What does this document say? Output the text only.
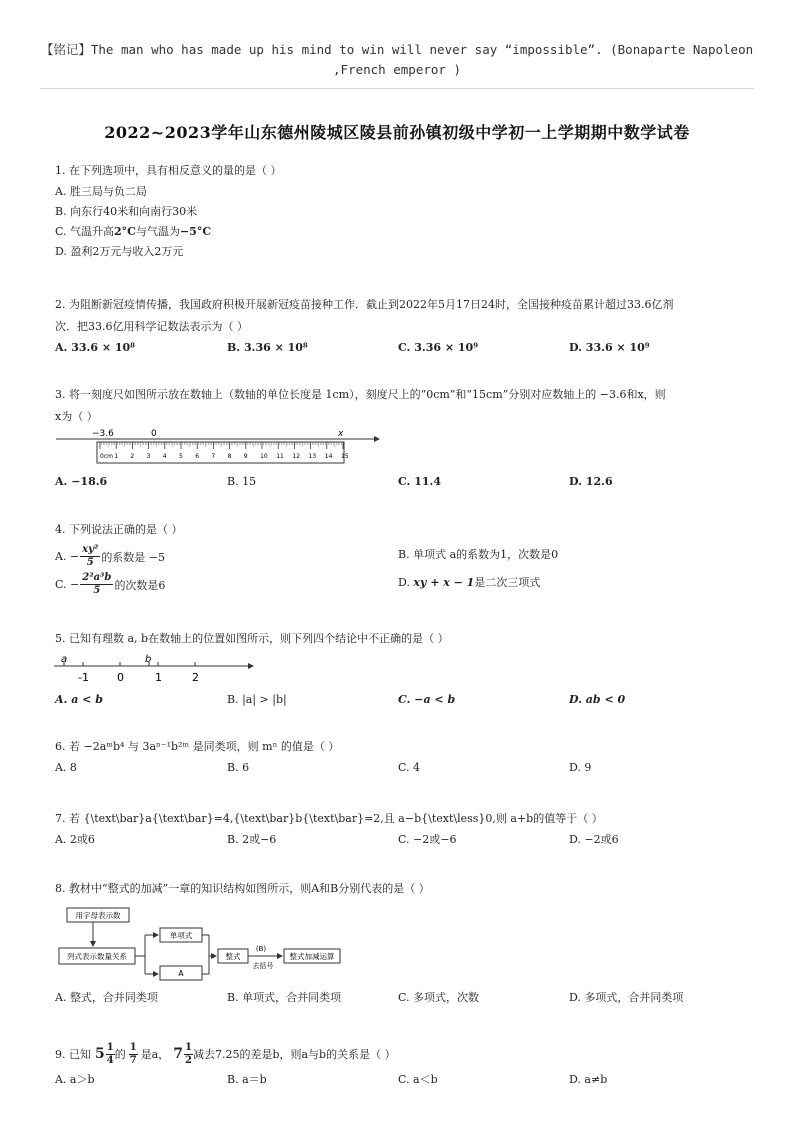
【铭记】The man who has made up his mind to win will never say “impossible”. (Bonaparte Napoleon
,French emperor )
2022~2023学年山东德州陵城区陵县前孙镇初级中学初一上学期期中数学试卷
1. 在下列选项中，具有相反意义的量的是（ ）
A. 胜三局与负二局
B. 向东行40米和向南行30米
C. 气温升高2°C与气温为−5°C
D. 盈利2万元与收入2万元
2. 为阻断新冠疫情传播，我国政府积极开展新冠疫苗接种工作．截止到2022年5月17日24时，全国接种疫苗累计超过33.6亿剂
次．把33.6亿用科学记数法表示为（ ）
A. 33.6 × 10⁸	B. 3.36 × 10⁸	C. 3.36 × 10⁹	D. 33.6 × 10⁹
3. 将一刻度尺如图所示放在数轴上（数轴的单位长度是 1cm），刻度尺上的“0cm”和“15cm”分别对应数轴上的 −3.6和x，则
x为（ ）
−3.6	0	x
0cm 1 2 3 4 5 6 7 8 9 10 11 12 13 14 15
A. −18.6	B. 15	C. 11.4	D. 12.6
4. 下列说法正确的是（ ）
A. − $\frac{\text{xy²}}{5}$ 的系数是 −5	B. 单项式 a的系数为1，次数是0
C. − $\frac{\text{2²a³b}}{5}$ 的次数是6	D. xy + x − 1是二次三项式
5. 已知有理数 a, b在数轴上的位置如图所示，则下列四个结论中不正确的是（ ）
a	b
-1	0	1	2
A. a < b	B. |a| > |b|	C. −a < b	D. ab < 0
6. 若 −2aᵐb⁴ 与 3aⁿ⁻¹b²ᵐ 是同类项，则 mⁿ 的值是（ ）
A. 8	B. 6	C. 4	D. 9
7. 若 {\text\bar}a{\text\bar}=4,{\text\bar}b{\text\bar}=2,且 a−b{\text\less}0,则 a+b的值等于（ ）
A. 2或6	B. 2或−6	C. −2或−6	D. −2或6
8. 教材中“整式的加减”一章的知识结构如图所示，则A和B分别代表的是（ ）
用字母表示数
列式表示数量关系
单项式
A
整式
(B)
去括号
整式加减运算
A. 整式，合并同类项	B. 单项式，合并同类项	C. 多项式，次数	D. 多项式，合并同类项
9. 已知 $5 \frac{1}{4}$ 的 $\frac{1}{7}$ 是a， $7 \frac{1}{2}$ 减去7.25的差是b，则a与b的关系是（ ）
A. a＞b	B. a＝b	C. a＜b	D. a≠b
